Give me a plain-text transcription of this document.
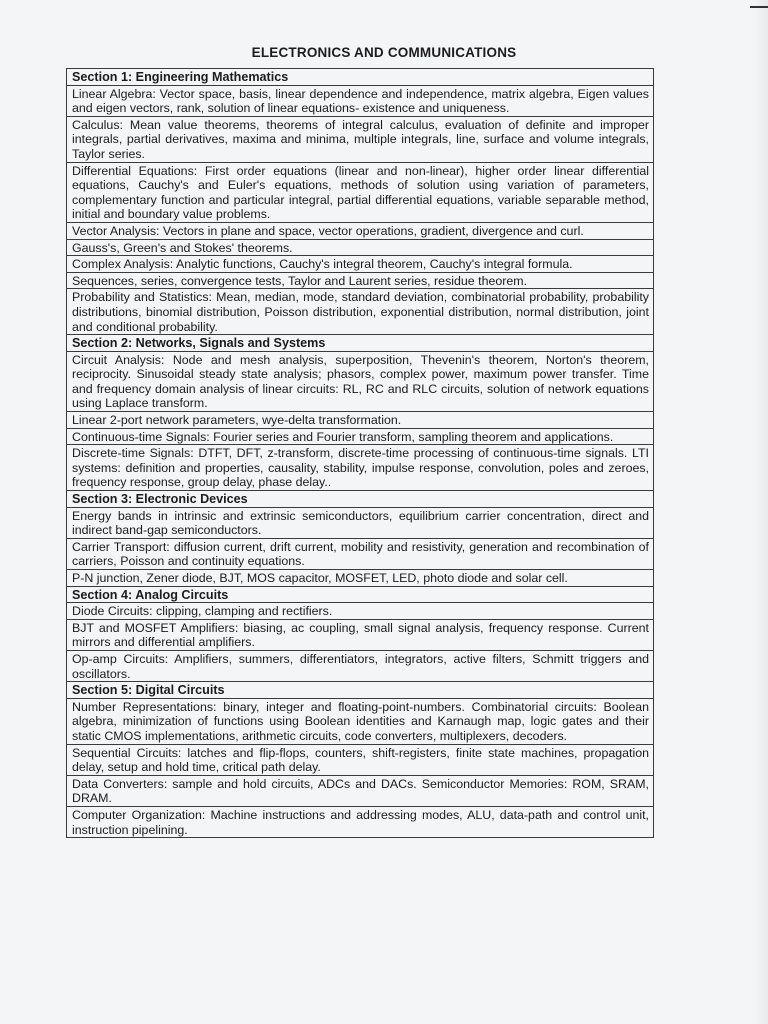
ELECTRONICS AND COMMUNICATIONS
Section 1: Engineering Mathematics
Linear Algebra: Vector space, basis, linear dependence and independence, matrix algebra, Eigen values and eigen vectors, rank, solution of linear equations- existence and uniqueness.
Calculus: Mean value theorems, theorems of integral calculus, evaluation of definite and improper integrals, partial derivatives, maxima and minima, multiple integrals, line, surface and volume integrals, Taylor series.
Differential Equations: First order equations (linear and non-linear), higher order linear differential equations, Cauchy's and Euler's equations, methods of solution using variation of parameters, complementary function and particular integral, partial differential equations, variable separable method, initial and boundary value problems.
Vector Analysis: Vectors in plane and space, vector operations, gradient, divergence and curl.
Gauss's, Green's and Stokes' theorems.
Complex Analysis: Analytic functions, Cauchy's integral theorem, Cauchy's integral formula.
Sequences, series, convergence tests, Taylor and Laurent series, residue theorem.
Probability and Statistics: Mean, median, mode, standard deviation, combinatorial probability, probability distributions, binomial distribution, Poisson distribution, exponential distribution, normal distribution, joint and conditional probability.
Section 2: Networks, Signals and Systems
Circuit Analysis: Node and mesh analysis, superposition, Thevenin's theorem, Norton's theorem, reciprocity. Sinusoidal steady state analysis; phasors, complex power, maximum power transfer. Time and frequency domain analysis of linear circuits: RL, RC and RLC circuits, solution of network equations using Laplace transform.
Linear 2-port network parameters, wye-delta transformation.
Continuous-time Signals: Fourier series and Fourier transform, sampling theorem and applications.
Discrete-time Signals: DTFT, DFT, z-transform, discrete-time processing of continuous-time signals. LTI systems: definition and properties, causality, stability, impulse response, convolution, poles and zeroes, frequency response, group delay, phase delay..
Section 3: Electronic Devices
Energy bands in intrinsic and extrinsic semiconductors, equilibrium carrier concentration, direct and indirect band-gap semiconductors.
Carrier Transport: diffusion current, drift current, mobility and resistivity, generation and recombination of carriers, Poisson and continuity equations.
P-N junction, Zener diode, BJT, MOS capacitor, MOSFET, LED, photo diode and solar cell.
Section 4: Analog Circuits
Diode Circuits: clipping, clamping and rectifiers.
BJT and MOSFET Amplifiers: biasing, ac coupling, small signal analysis, frequency response. Current mirrors and differential amplifiers.
Op-amp Circuits: Amplifiers, summers, differentiators, integrators, active filters, Schmitt triggers and oscillators.
Section 5: Digital Circuits
Number Representations: binary, integer and floating-point-numbers. Combinatorial circuits: Boolean algebra, minimization of functions using Boolean identities and Karnaugh map, logic gates and their static CMOS implementations, arithmetic circuits, code converters, multiplexers, decoders.
Sequential Circuits: latches and flip-flops, counters, shift-registers, finite state machines, propagation delay, setup and hold time, critical path delay.
Data Converters: sample and hold circuits, ADCs and DACs. Semiconductor Memories: ROM, SRAM, DRAM.
Computer Organization: Machine instructions and addressing modes, ALU, data-path and control unit, instruction pipelining.
